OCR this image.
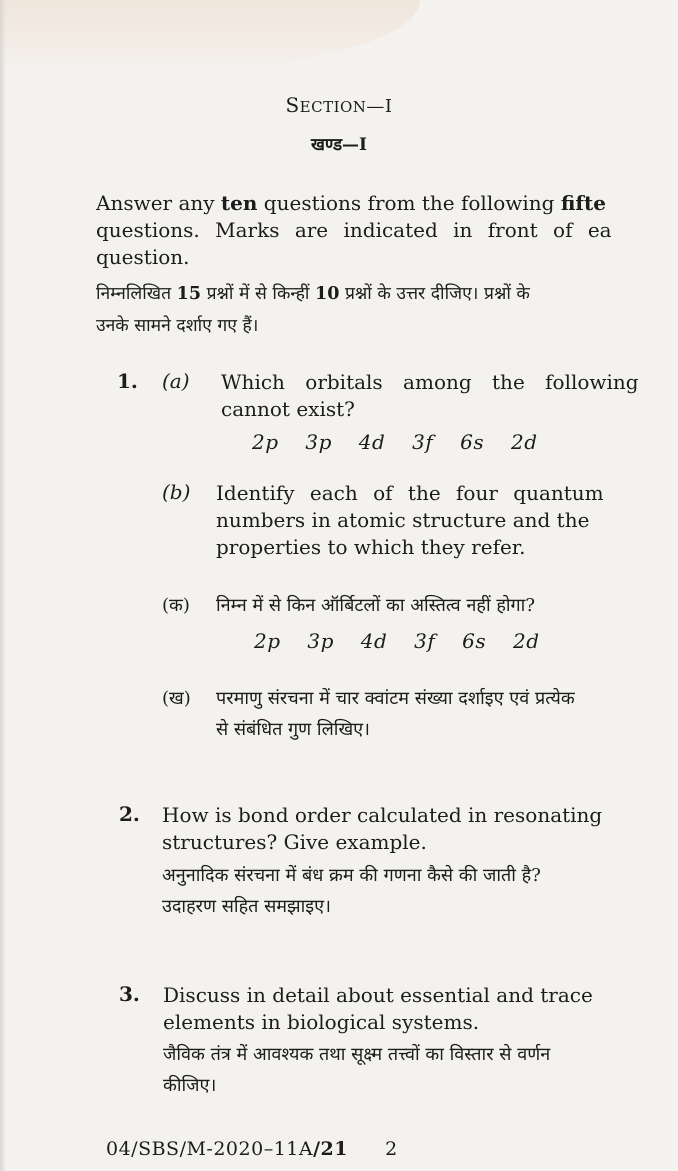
SECTION—I
खण्ड—I
Answer any ten questions from the following fifte
questions. Marks are indicated in front of ea
question.
निम्नलिखित 15 प्रश्नों में से किन्हीं 10 प्रश्नों के उत्तर दीजिए। प्रश्नों के
उनके सामने दर्शाए गए हैं।
1. (a) Which orbitals among the following
cannot exist?
2p 3p 4d 3f 6s 2d
(b) Identify each of the four quantum
numbers in atomic structure and the
properties to which they refer.
(क) निम्न में से किन ऑर्बिटलों का अस्तित्व नहीं होगा?
2p 3p 4d 3f 6s 2d
(ख) परमाणु संरचना में चार क्वांटम संख्या दर्शाइए एवं प्रत्येक
से संबंधित गुण लिखिए।
2. How is bond order calculated in resonating
structures? Give example.
अनुनादिक संरचना में बंध क्रम की गणना कैसे की जाती है?
उदाहरण सहित समझाइए।
3. Discuss in detail about essential and trace
elements in biological systems.
जैविक तंत्र में आवश्यक तथा सूक्ष्म तत्त्वों का विस्तार से वर्णन
कीजिए।
04/SBS/M-2020–11A/21 2
